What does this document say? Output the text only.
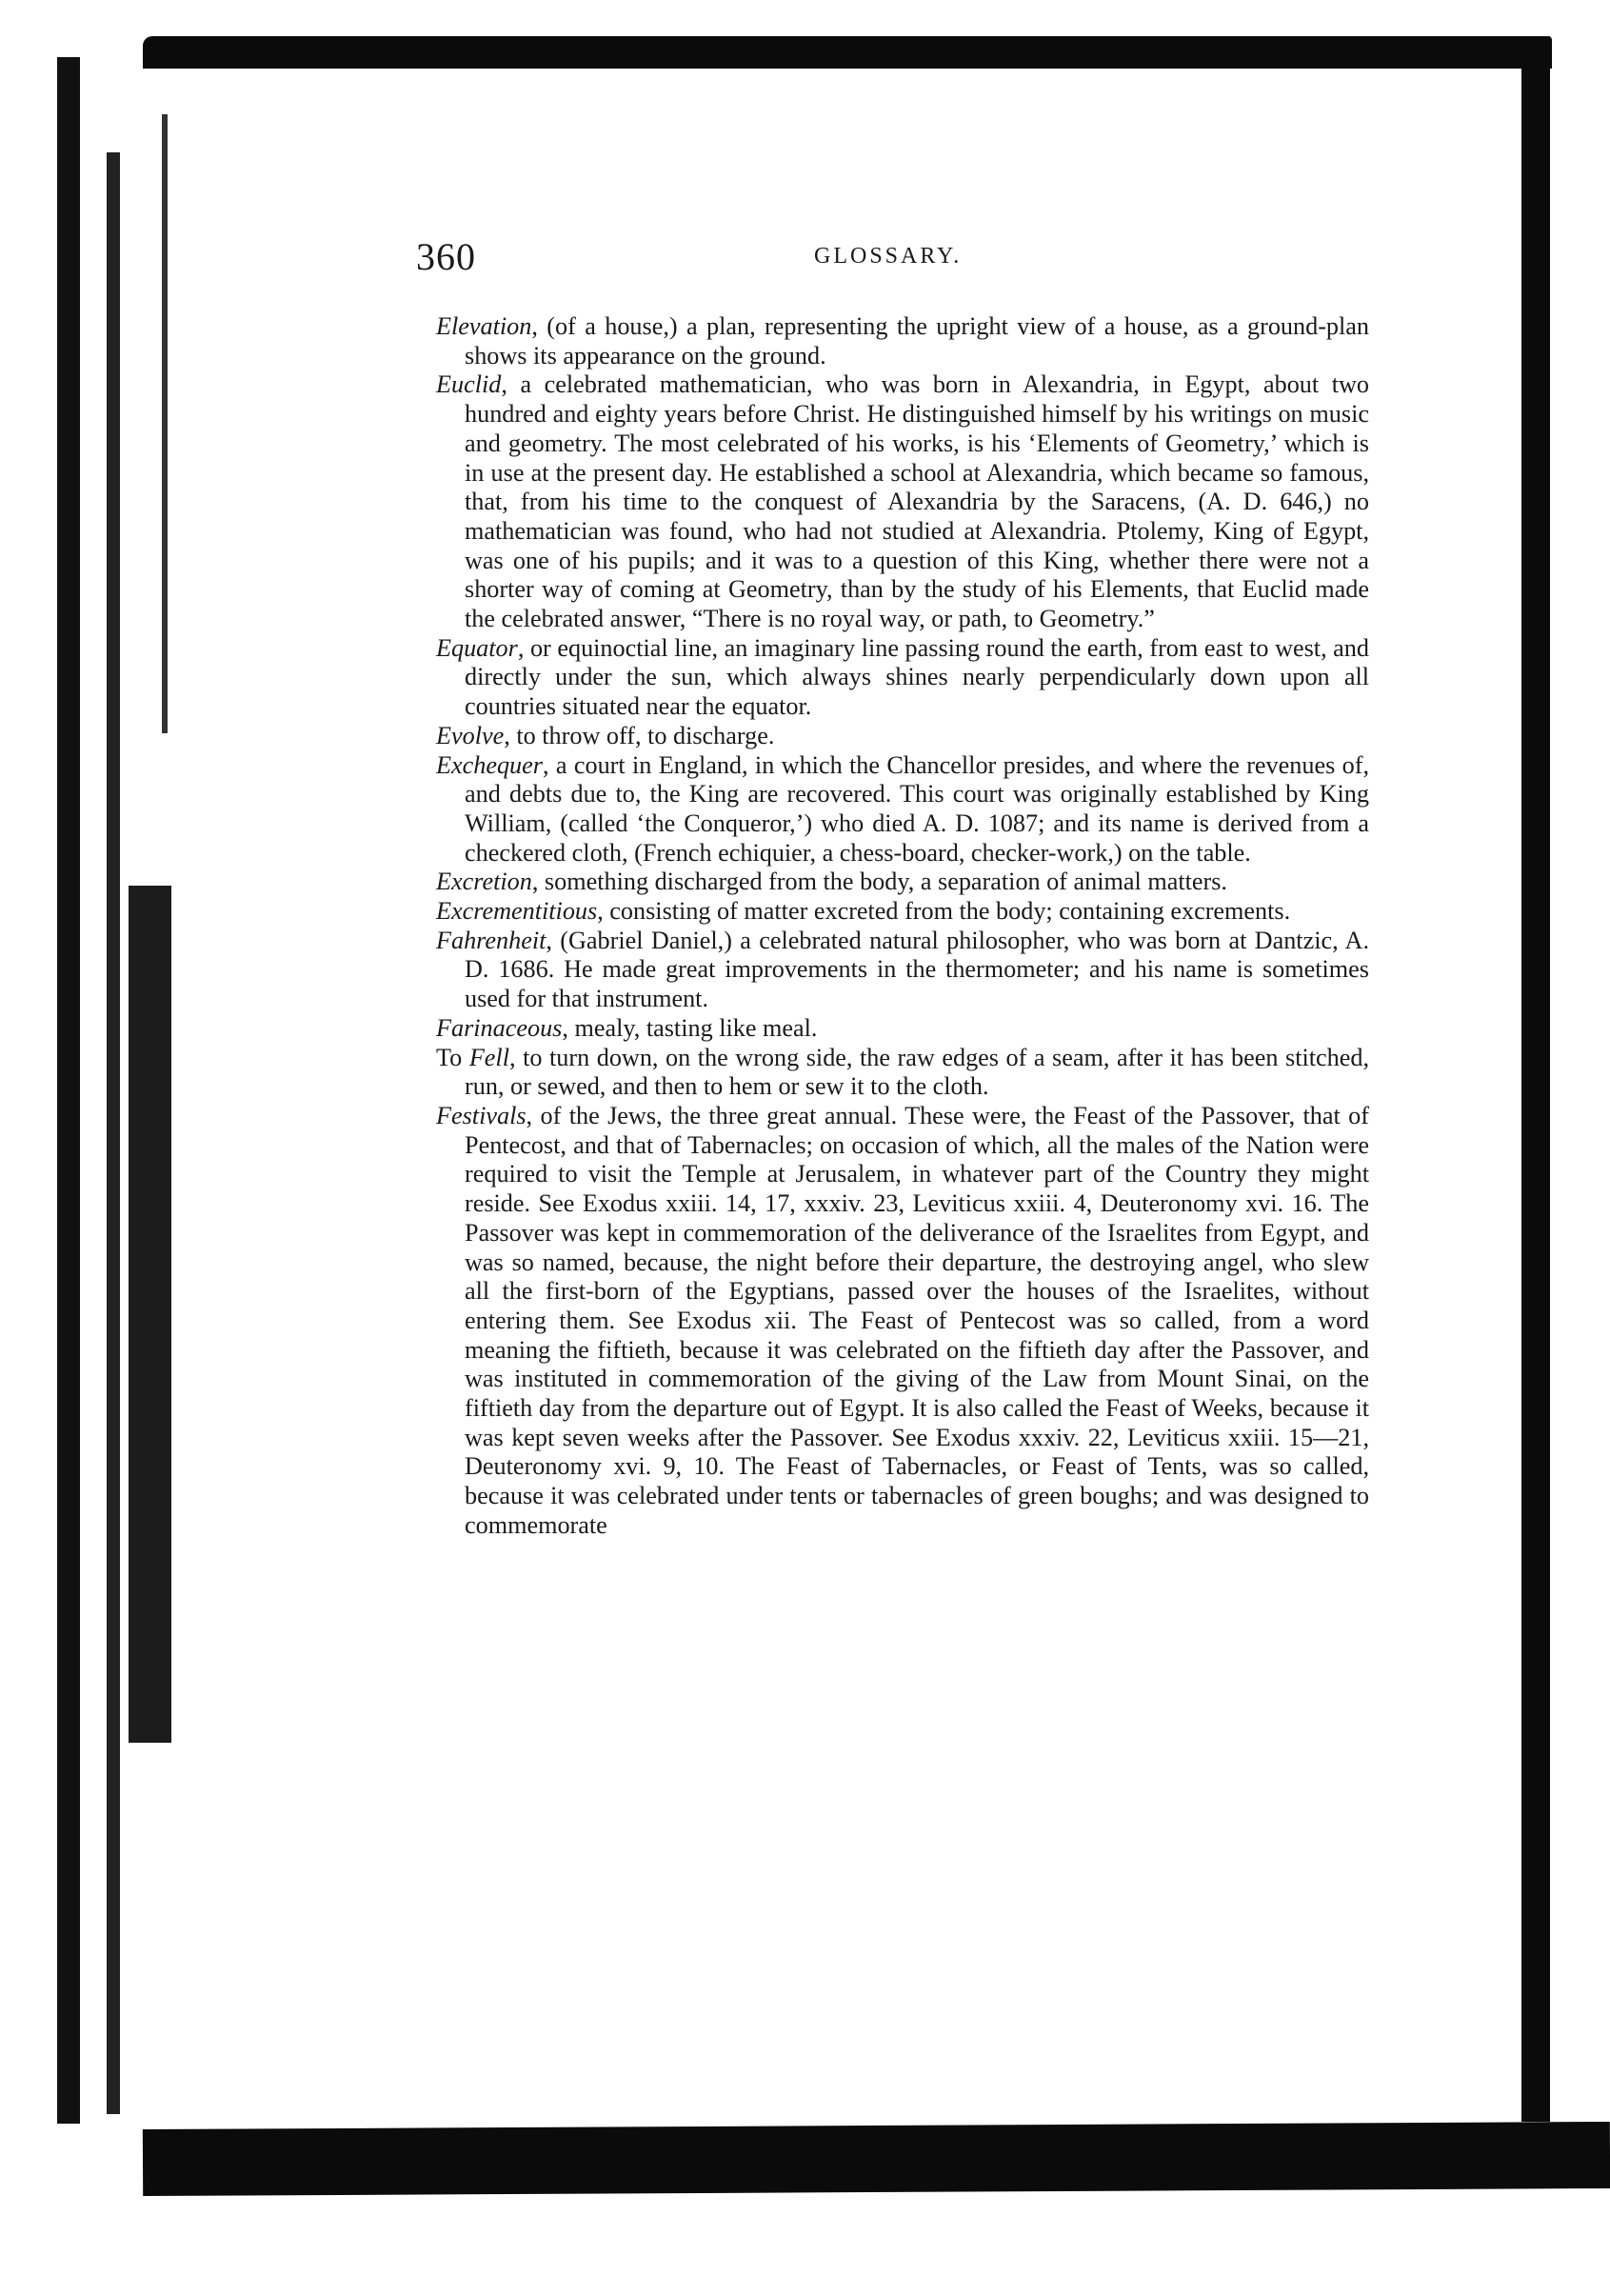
360	GLOSSARY.

Elevation, (of a house,) a plan, representing the upright view of a house, as a ground-plan shows its appearance on the ground.

Euclid, a celebrated mathematician, who was born in Alexandria, in Egypt, about two hundred and eighty years before Christ. He distinguished himself by his writings on music and geometry. The most celebrated of his works, is his ‘Elements of Geometry,’ which is in use at the present day. He established a school at Alexandria, which became so famous, that, from his time to the conquest of Alexandria by the Saracens, (A. D. 646,) no mathematician was found, who had not studied at Alexandria. Ptolemy, King of Egypt, was one of his pupils; and it was to a question of this King, whether there were not a shorter way of coming at Geometry, than by the study of his Elements, that Euclid made the celebrated answer, “There is no royal way, or path, to Geometry.”

Equator, or equinoctial line, an imaginary line passing round the earth, from east to west, and directly under the sun, which always shines nearly perpendicularly down upon all countries situated near the equator.

Evolve, to throw off, to discharge.

Exchequer, a court in England, in which the Chancellor presides, and where the revenues of, and debts due to, the King are recovered. This court was originally established by King William, (called ‘the Conqueror,’) who died A. D. 1087; and its name is derived from a checkered cloth, (French echiquier, a chess-board, checker-work,) on the table.

Excretion, something discharged from the body, a separation of animal matters.

Excrementitious, consisting of matter excreted from the body; containing excrements.

Fahrenheit, (Gabriel Daniel,) a celebrated natural philosopher, who was born at Dantzic, A. D. 1686. He made great improvements in the thermometer; and his name is sometimes used for that instrument.

Farinaceous, mealy, tasting like meal.

To Fell, to turn down, on the wrong side, the raw edges of a seam, after it has been stitched, run, or sewed, and then to hem or sew it to the cloth.

Festivals, of the Jews, the three great annual. These were, the Feast of the Passover, that of Pentecost, and that of Tabernacles; on occasion of which, all the males of the Nation were required to visit the Temple at Jerusalem, in whatever part of the Country they might reside. See Exodus xxiii. 14, 17, xxxiv. 23, Leviticus xxiii. 4, Deuteronomy xvi. 16. The Passover was kept in commemoration of the deliverance of the Israelites from Egypt, and was so named, because, the night before their departure, the destroying angel, who slew all the first-born of the Egyptians, passed over the houses of the Israelites, without entering them. See Exodus xii. The Feast of Pentecost was so called, from a word meaning the fiftieth, because it was celebrated on the fiftieth day after the Passover, and was instituted in commemoration of the giving of the Law from Mount Sinai, on the fiftieth day from the departure out of Egypt. It is also called the Feast of Weeks, because it was kept seven weeks after the Passover. See Exodus xxxiv. 22, Leviticus xxiii. 15—21, Deuteronomy xvi. 9, 10. The Feast of Tabernacles, or Feast of Tents, was so called, because it was celebrated under tents or tabernacles of green boughs; and was designed to commemorate
